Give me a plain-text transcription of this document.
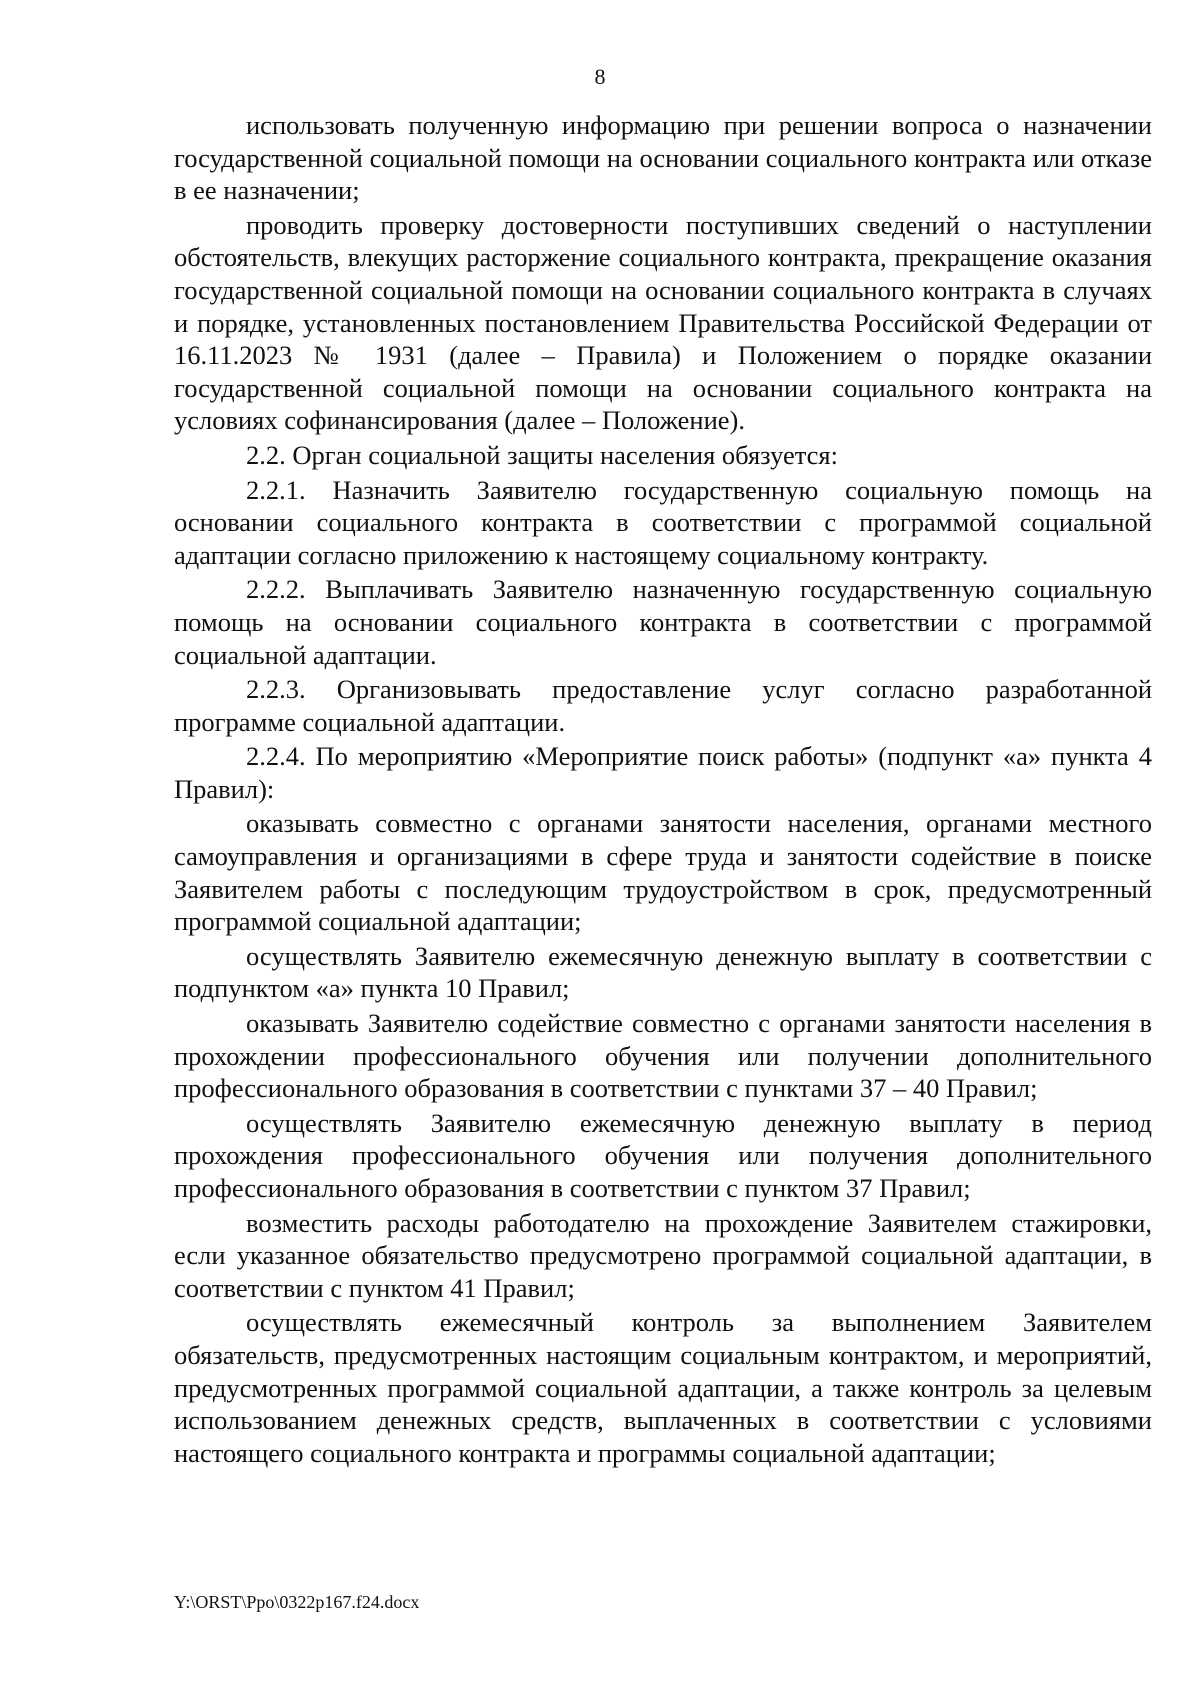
8

использовать полученную информацию при решении вопроса о назначении государственной социальной помощи на основании социального контракта или отказе в ее назначении;

проводить проверку достоверности поступивших сведений о наступлении обстоятельств, влекущих расторжение социального контракта, прекращение оказания государственной социальной помощи на основании социального контракта в случаях и порядке, установленных постановлением Правительства Российской Федерации от 16.11.2023 № 1931 (далее – Правила) и Положением о порядке оказании государственной социальной помощи на основании социального контракта на условиях софинансирования (далее – Положение).

2.2. Орган социальной защиты населения обязуется:

2.2.1. Назначить Заявителю государственную социальную помощь на основании социального контракта в соответствии с программой социальной адаптации согласно приложению к настоящему социальному контракту.

2.2.2. Выплачивать Заявителю назначенную государственную социальную помощь на основании социального контракта в соответствии с программой социальной адаптации.

2.2.3. Организовывать предоставление услуг согласно разработанной программе социальной адаптации.

2.2.4. По мероприятию «Мероприятие поиск работы» (подпункт «а» пункта 4 Правил):

оказывать совместно с органами занятости населения, органами местного самоуправления и организациями в сфере труда и занятости содействие в поиске Заявителем работы с последующим трудоустройством в срок, предусмотренный программой социальной адаптации;

осуществлять Заявителю ежемесячную денежную выплату в соответствии с подпунктом «а» пункта 10 Правил;

оказывать Заявителю содействие совместно с органами занятости населения в прохождении профессионального обучения или получении дополнительного профессионального образования в соответствии с пунктами 37 – 40 Правил;

осуществлять Заявителю ежемесячную денежную выплату в период прохождения профессионального обучения или получения дополнительного профессионального образования в соответствии с пунктом 37 Правил;

возместить расходы работодателю на прохождение Заявителем стажировки, если указанное обязательство предусмотрено программой социальной адаптации, в соответствии с пунктом 41 Правил;

осуществлять ежемесячный контроль за выполнением Заявителем обязательств, предусмотренных настоящим социальным контрактом, и мероприятий, предусмотренных программой социальной адаптации, а также контроль за целевым использованием денежных средств, выплаченных в соответствии с условиями настоящего социального контракта и программы социальной адаптации;

Y:\ORST\Ppo\0322p167.f24.docx
